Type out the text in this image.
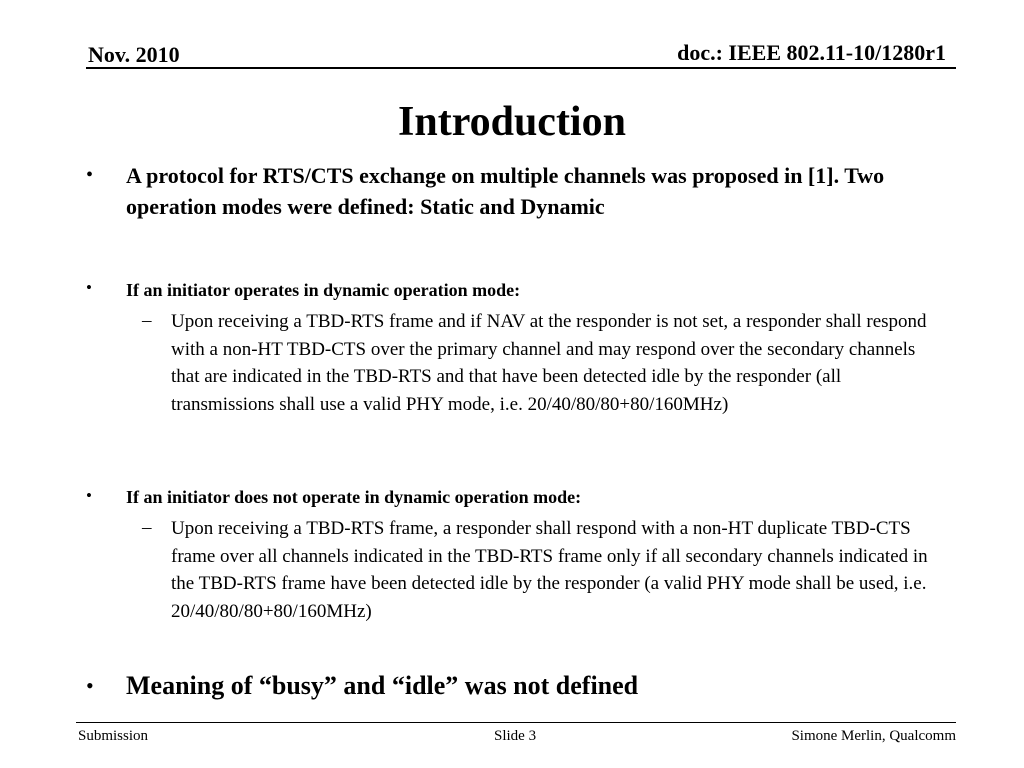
Nov. 2010	doc.: IEEE 802.11-10/1280r1
Introduction
• A protocol for RTS/CTS exchange on multiple channels was proposed in [1]. Two operation modes were defined: Static and Dynamic
• If an initiator operates in dynamic operation mode:
– Upon receiving a TBD-RTS frame and if NAV at the responder is not set, a responder shall respond with a non-HT TBD-CTS over the primary channel and may respond over the secondary channels that are indicated in the TBD-RTS and that have been detected idle by the responder (all transmissions shall use a valid PHY mode, i.e. 20/40/80/80+80/160MHz)
• If an initiator does not operate in dynamic operation mode:
– Upon receiving a TBD-RTS frame, a responder shall respond with a non-HT duplicate TBD-CTS frame over all channels indicated in the TBD-RTS frame only if all secondary channels indicated in the TBD-RTS frame have been detected idle by the responder (a valid PHY mode shall be used, i.e. 20/40/80/80+80/160MHz)
• Meaning of “busy” and “idle” was not defined
Submission	Slide 3	Simone Merlin, Qualcomm
